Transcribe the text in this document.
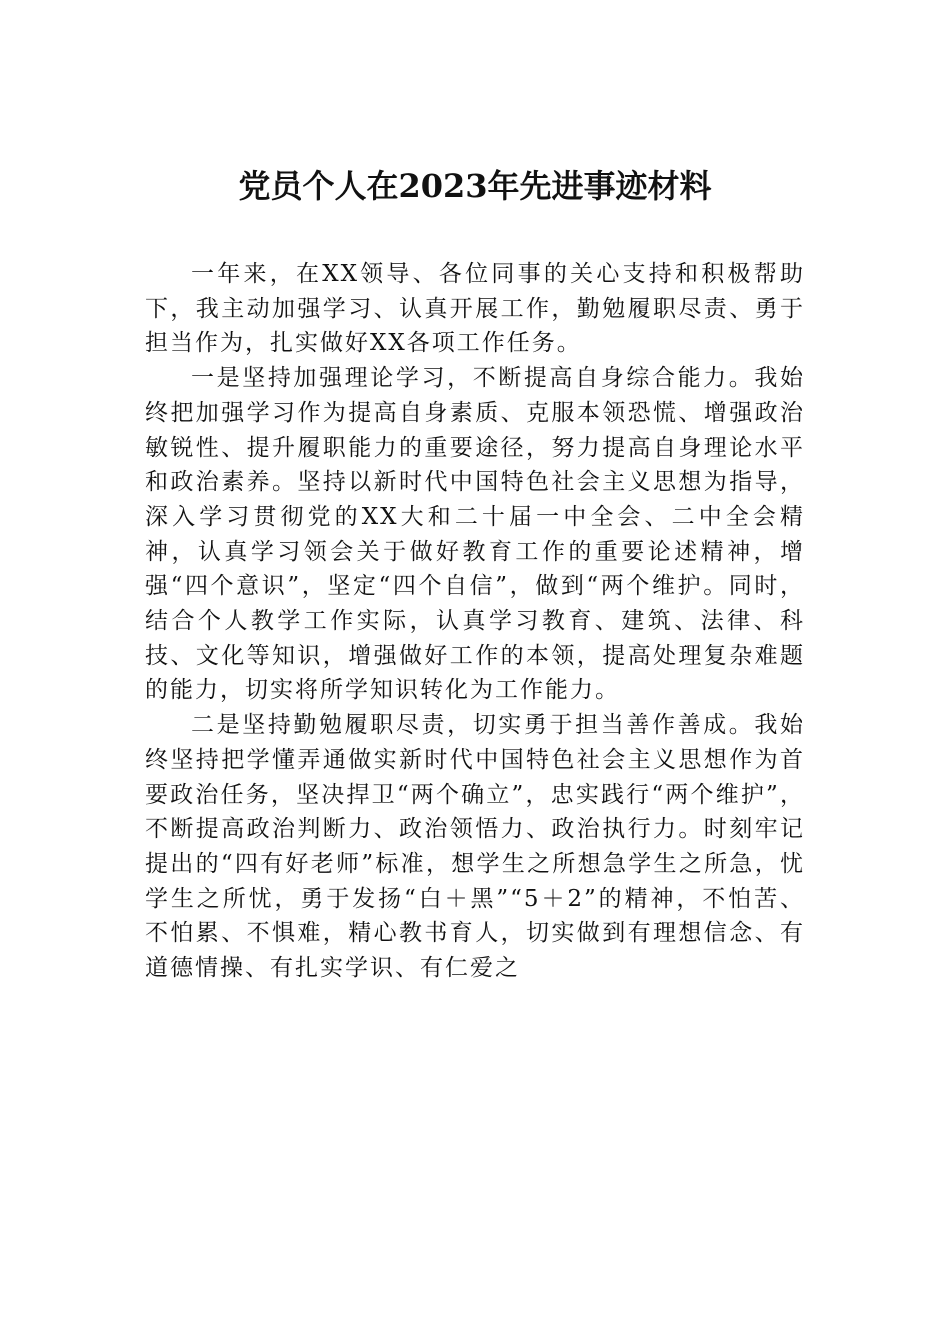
党员个人在2023年先进事迹材料

一年来，在XX领导、各位同事的关心支持和积极帮助下，我主动加强学习、认真开展工作，勤勉履职尽责、勇于担当作为，扎实做好XX各项工作任务。

一是坚持加强理论学习，不断提高自身综合能力。我始终把加强学习作为提高自身素质、克服本领恐慌、增强政治敏锐性、提升履职能力的重要途径，努力提高自身理论水平和政治素养。坚持以新时代中国特色社会主义思想为指导，深入学习贯彻党的XX大和二十届一中全会、二中全会精神，认真学习领会关于做好教育工作的重要论述精神，增强“四个意识”，坚定“四个自信”，做到“两个维护。同时，结合个人教学工作实际，认真学习教育、建筑、法律、科技、文化等知识，增强做好工作的本领，提高处理复杂难题的能力，切实将所学知识转化为工作能力。

二是坚持勤勉履职尽责，切实勇于担当善作善成。我始终坚持把学懂弄通做实新时代中国特色社会主义思想作为首要政治任务，坚决捍卫“两个确立”，忠实践行“两个维护”，不断提高政治判断力、政治领悟力、政治执行力。时刻牢记提出的“四有好老师”标准，想学生之所想急学生之所急，忧学生之所忧，勇于发扬“白＋黑”“5＋2”的精神，不怕苦、不怕累、不惧难，精心教书育人，切实做到有理想信念、有道德情操、有扎实学识、有仁爱之
